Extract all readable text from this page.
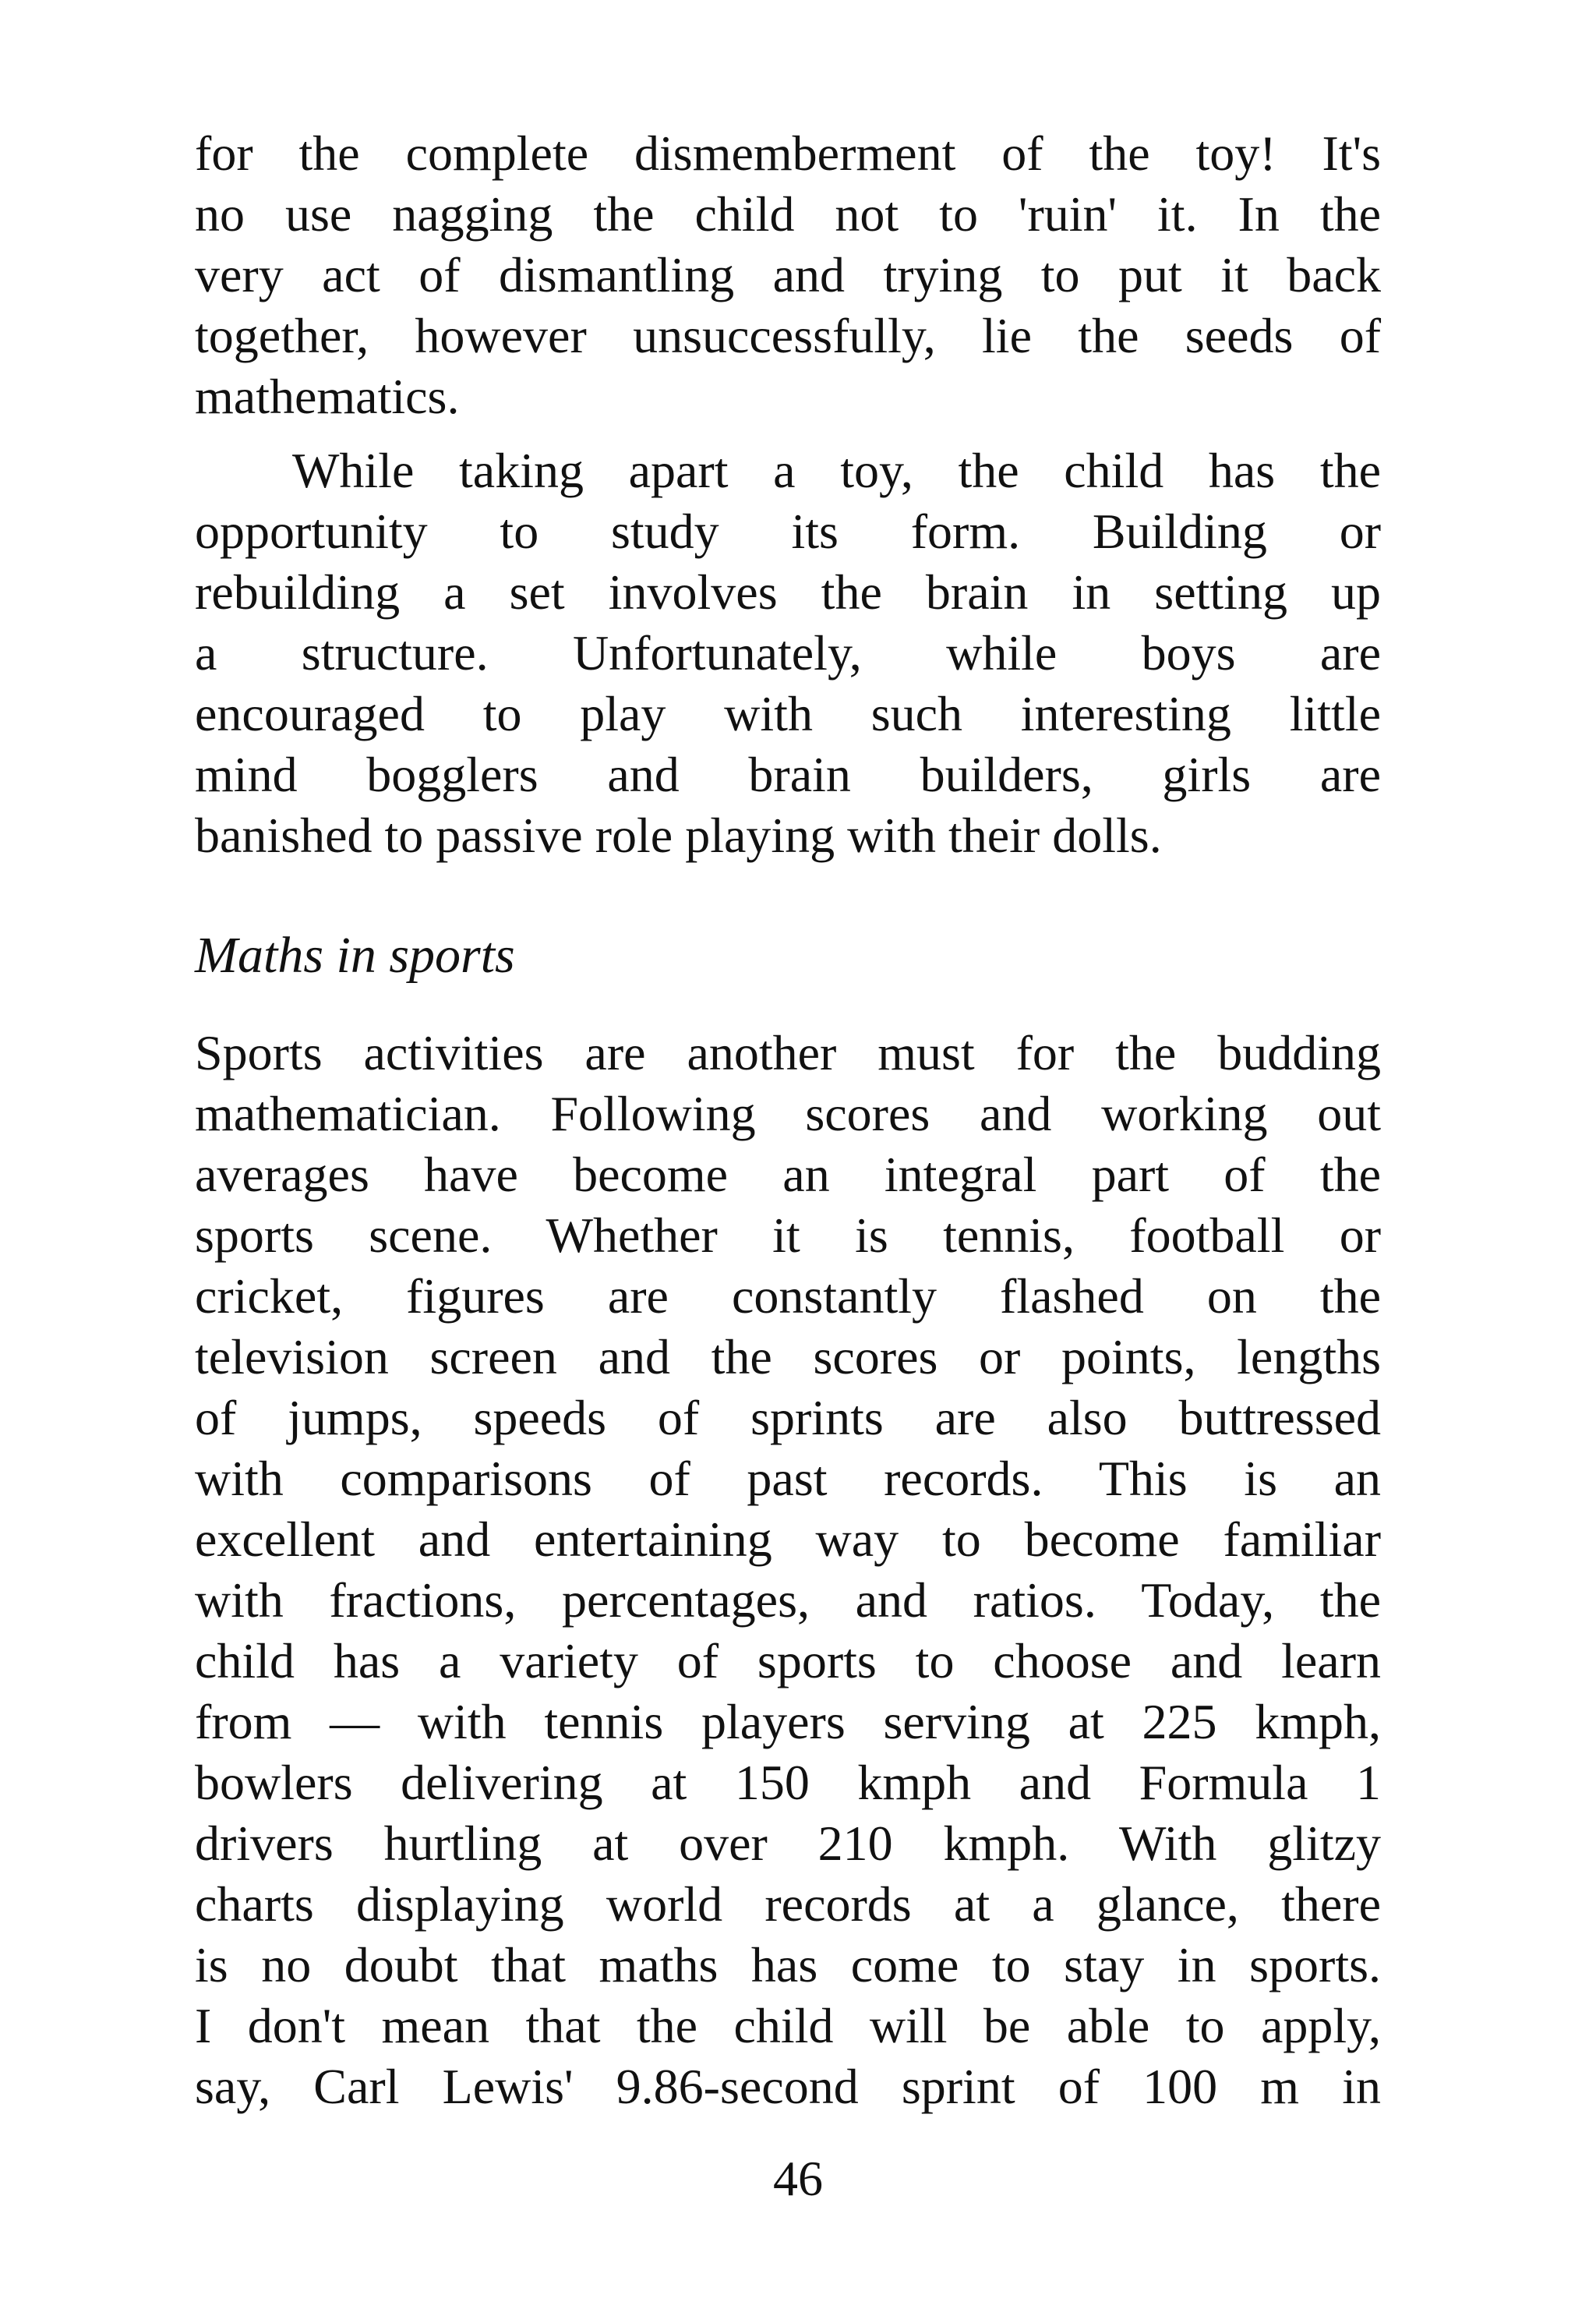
for the complete dismemberment of the toy! It's
no use nagging the child not to 'ruin' it. In the
very act of dismantling and trying to put it back
together, however unsuccessfully, lie the seeds of
mathematics.
While taking apart a toy, the child has the
opportunity to study its form. Building or
rebuilding a set involves the brain in setting up
a structure. Unfortunately, while boys are
encouraged to play with such interesting little
mind bogglers and brain builders, girls are
banished to passive role playing with their dolls.
Maths in sports
Sports activities are another must for the budding
mathematician. Following scores and working out
averages have become an integral part of the
sports scene. Whether it is tennis, football or
cricket, figures are constantly flashed on the
television screen and the scores or points, lengths
of jumps, speeds of sprints are also buttressed
with comparisons of past records. This is an
excellent and entertaining way to become familiar
with fractions, percentages, and ratios. Today, the
child has a variety of sports to choose and learn
from — with tennis players serving at 225 kmph,
bowlers delivering at 150 kmph and Formula 1
drivers hurtling at over 210 kmph. With glitzy
charts displaying world records at a glance, there
is no doubt that maths has come to stay in sports.
I don't mean that the child will be able to apply,
say, Carl Lewis' 9.86-second sprint of 100 m in
46
